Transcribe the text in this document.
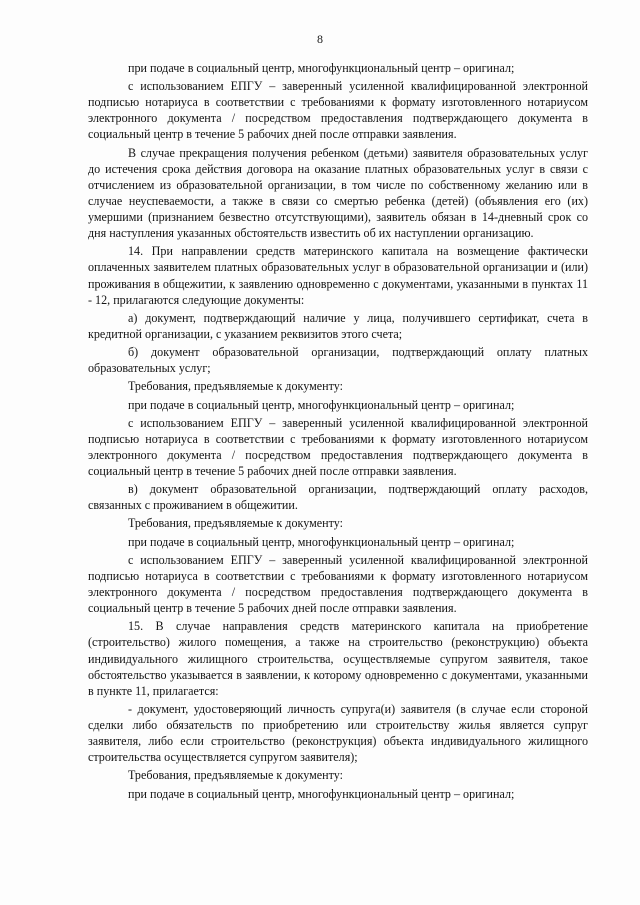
8

при подаче в социальный центр, многофункциональный центр – оригинал;

с использованием ЕПГУ – заверенный усиленной квалифицированной электронной подписью нотариуса в соответствии с требованиями к формату изготовленного нотариусом электронного документа / посредством предоставления подтверждающего документа в социальный центр в течение 5 рабочих дней после отправки заявления.

В случае прекращения получения ребенком (детьми) заявителя образовательных услуг до истечения срока действия договора на оказание платных образовательных услуг в связи с отчислением из образовательной организации, в том числе по собственному желанию или в случае неуспеваемости, а также в связи со смертью ребенка (детей) (объявления его (их) умершими (признанием безвестно отсутствующими), заявитель обязан в 14-дневный срок со дня наступления указанных обстоятельств известить об их наступлении организацию.

14. При направлении средств материнского капитала на возмещение фактически оплаченных заявителем платных образовательных услуг в образовательной организации и (или) проживания в общежитии, к заявлению одновременно с документами, указанными в пунктах 11 - 12, прилагаются следующие документы:

а) документ, подтверждающий наличие у лица, получившего сертификат, счета в кредитной организации, с указанием реквизитов этого счета;

б) документ образовательной организации, подтверждающий оплату платных образовательных услуг;

Требования, предъявляемые к документу:

при подаче в социальный центр, многофункциональный центр – оригинал;

с использованием ЕПГУ – заверенный усиленной квалифицированной электронной подписью нотариуса в соответствии с требованиями к формату изготовленного нотариусом электронного документа / посредством предоставления подтверждающего документа в социальный центр в течение 5 рабочих дней после отправки заявления.

в) документ образовательной организации, подтверждающий оплату расходов, связанных с проживанием в общежитии.

Требования, предъявляемые к документу:

при подаче в социальный центр, многофункциональный центр – оригинал;

с использованием ЕПГУ – заверенный усиленной квалифицированной электронной подписью нотариуса в соответствии с требованиями к формату изготовленного нотариусом электронного документа / посредством предоставления подтверждающего документа в социальный центр в течение 5 рабочих дней после отправки заявления.

15. В случае направления средств материнского капитала на приобретение (строительство) жилого помещения, а также на строительство (реконструкцию) объекта индивидуального жилищного строительства, осуществляемые супругом заявителя, такое обстоятельство указывается в заявлении, к которому одновременно с документами, указанными в пункте 11, прилагается:

- документ, удостоверяющий личность супруга(и) заявителя (в случае если стороной сделки либо обязательств по приобретению или строительству жилья является супруг заявителя, либо если строительство (реконструкция) объекта индивидуального жилищного строительства осуществляется супругом заявителя);

Требования, предъявляемые к документу:

при подаче в социальный центр, многофункциональный центр – оригинал;
